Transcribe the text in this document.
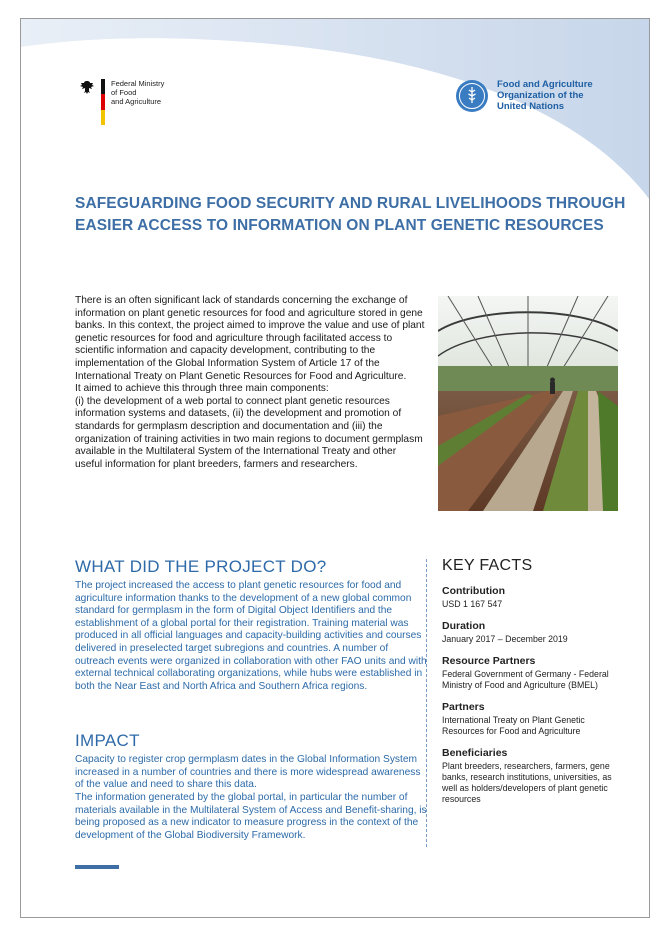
Federal Ministry
of Food
and Agriculture
Food and Agriculture
Organization of the
United Nations
SAFEGUARDING FOOD SECURITY AND RURAL LIVELIHOODS THROUGH EASIER ACCESS TO INFORMATION ON PLANT GENETIC RESOURCES

There is an often significant lack of standards concerning the exchange of information on plant genetic resources for food and agriculture stored in gene banks. In this context, the project aimed to improve the value and use of plant genetic resources for food and agriculture through facilitated access to scientific information and capacity development, contributing to the implementation of the Global Information System of Article 17 of the International Treaty on Plant Genetic Resources for Food and Agriculture.

It aimed to achieve this through three main components:

(i) the development of a web portal to connect plant genetic resources information systems and datasets, (ii) the development and promotion of standards for germplasm description and documentation and (iii) the organization of training activities in two main regions to document germplasm available in the Multilateral System of the International Treaty and other useful information for plant breeders, farmers and researchers.

WHAT DID THE PROJECT DO?

The project increased the access to plant genetic resources for food and agriculture information thanks to the development of a new global common standard for germplasm in the form of Digital Object Identifiers and the establishment of a global portal for their registration. Training material was produced in all official languages and capacity-building activities and courses delivered in preselected target subregions and countries. A number of outreach events were organized in collaboration with other FAO units and with external technical collaborating organizations, while hubs were established in both the Near East and North Africa and Southern Africa regions.

IMPACT

Capacity to register crop germplasm dates in the Global Information System increased in a number of countries and there is more widespread awareness of the value and need to share this data.

The information generated by the global portal, in particular the number of materials available in the Multilateral System of Access and Benefit-sharing, is being proposed as a new indicator to measure progress in the context of the development of the Global Biodiversity Framework.

KEY FACTS

Contribution

USD 1 167 547

Duration

January 2017 – December 2019

Resource Partners

Federal Government of Germany - Federal Ministry of Food and Agriculture (BMEL)

Partners

International Treaty on Plant Genetic Resources for Food and Agriculture

Beneficiaries

Plant breeders, researchers, farmers, gene banks, research institutions, universities, as well as holders/developers of plant genetic resources
